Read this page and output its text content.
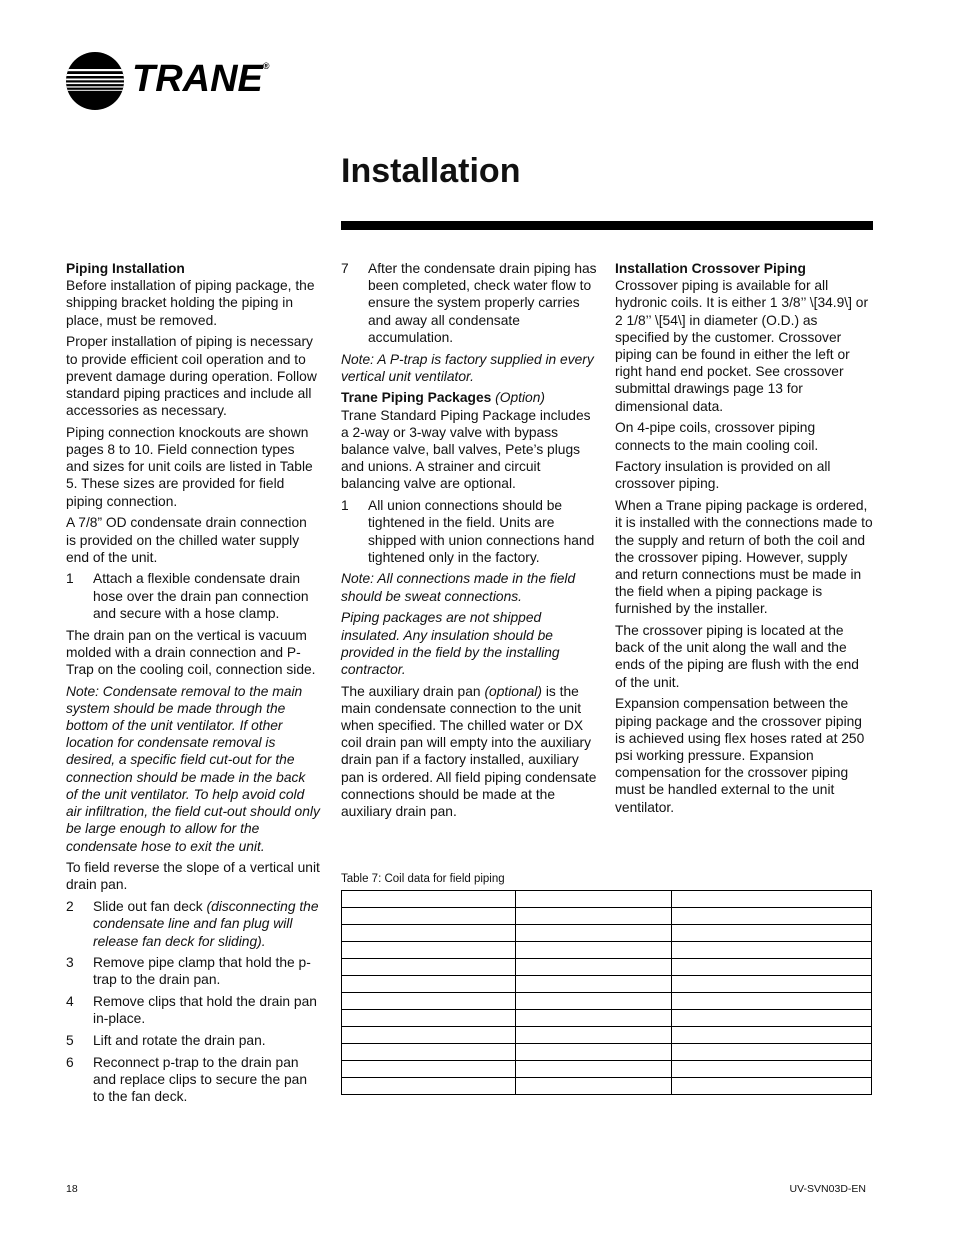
TRANE®
Installation

Piping Installation
Before installation of piping package, the shipping bracket holding the piping in place, must be removed.

Proper installation of piping is necessary to provide efficient coil operation and to prevent damage during operation. Follow standard piping practices and include all accessories as necessary.

Piping connection knockouts are shown pages 8 to 10. Field connection types and sizes for unit coils are listed in Table 5. These sizes are provided for field piping connection.

A 7/8” OD condensate drain connection is provided on the chilled water supply end of the unit.

1	Attach a flexible condensate drain hose over the drain pan connection and secure with a hose clamp.

The drain pan on the vertical is vacuum molded with a drain connection and P-Trap on the cooling coil, connection side.

Note: Condensate removal to the main system should be made through the bottom of the unit ventilator. If other location for condensate removal is desired, a specific field cut-out for the connection should be made in the back of the unit ventilator. To help avoid cold air infiltration, the field cut-out should only be large enough to allow for the condensate hose to exit the unit.

To field reverse the slope of a vertical unit drain pan.

2	Slide out fan deck (disconnecting the condensate line and fan plug will release fan deck for sliding).
3	Remove pipe clamp that hold the p-trap to the drain pan.
4	Remove clips that hold the drain pan in-place.
5	Lift and rotate the drain pan.
6	Reconnect p-trap to the drain pan and replace clips to secure the pan to the fan deck.
7	After the condensate drain piping has been completed, check water flow to ensure the system properly carries and away all condensate accumulation.

Note: A P-trap is factory supplied in every vertical unit ventilator.

Trane Piping Packages (Option)
Trane Standard Piping Package includes a 2-way or 3-way valve with bypass balance valve, ball valves, Pete’s plugs and unions. A strainer and circuit balancing valve are optional.

1	All union connections should be tightened in the field. Units are shipped with union connections hand tightened only in the factory.

Note: All connections made in the field should be sweat connections.

Piping packages are not shipped insulated. Any insulation should be provided in the field by the installing contractor.

The auxiliary drain pan (optional) is the main condensate connection to the unit when specified. The chilled water or DX coil drain pan will empty into the auxiliary drain pan if a factory installed, auxiliary pan is ordered. All field piping condensate connections should be made at the auxiliary drain pan.

Installation Crossover Piping
Crossover piping is available for all hydronic coils. It is either 1 3/8’’ \[34.9\] or 2 1/8’’ \[54\] in diameter (O.D.) as specified by the customer. Crossover piping can be found in either the left or right hand end pocket. See crossover submittal drawings page 13 for dimensional data.

On 4-pipe coils, crossover piping connects to the main cooling coil.

Factory insulation is provided on all crossover piping.

When a Trane piping package is ordered, it is installed with the connections made to the supply and return of both the coil and the crossover piping. However, supply and return connections must be made in the field when a piping package is furnished by the installer.

The crossover piping is located at the back of the unit along the wall and the ends of the piping are flush with the end of the unit.

Expansion compensation between the piping package and the crossover piping is achieved using flex hoses rated at 250 psi working pressure. Expansion compensation for the crossover piping must be handled external to the unit ventilator.

Table 7: Coil data for field piping

18	UV-SVN03D-EN
